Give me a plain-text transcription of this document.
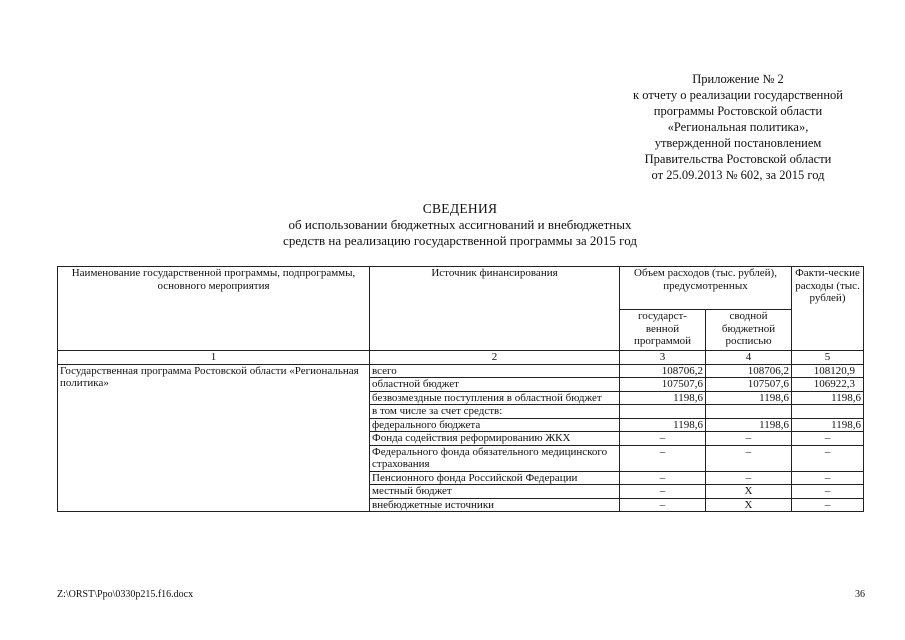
Приложение № 2
к отчету о реализации государственной
программы Ростовской области
«Региональная политика»,
утвержденной постановлением
Правительства Ростовской области
от 25.09.2013 № 602, за 2015 год
СВЕДЕНИЯ
об использовании бюджетных ассигнований и внебюджетных
средств на реализацию государственной программы за 2015 год
Наименование государственной программы, подпрограммы, основного мероприятия	Источник финансирования	Объем расходов (тыс. рублей), предусмотренных		Факти-ческие расходы (тыс. рублей)
		государст-венной программой	сводной бюджетной росписью	
1	2	3	4	5
Государственная программа Ростовской области «Региональная политика»	всего	108706,2	108706,2	108120,9
	областной бюджет	107507,6	107507,6	106922,3
	безвозмездные поступления в областной бюджет	1198,6	1198,6	1198,6
	в том числе за счет средств:			
	федерального бюджета	1198,6	1198,6	1198,6
	Фонда содействия реформированию ЖКХ	–	–	–
	Федерального фонда обязательного медицинского страхования	–	–	–
	Пенсионного фонда Российской Федерации	–	–	–
	местный бюджет	–	Х	–
	внебюджетные источники	–	Х	–
Z:\ORST\Ppo\0330p215.f16.docx	36
